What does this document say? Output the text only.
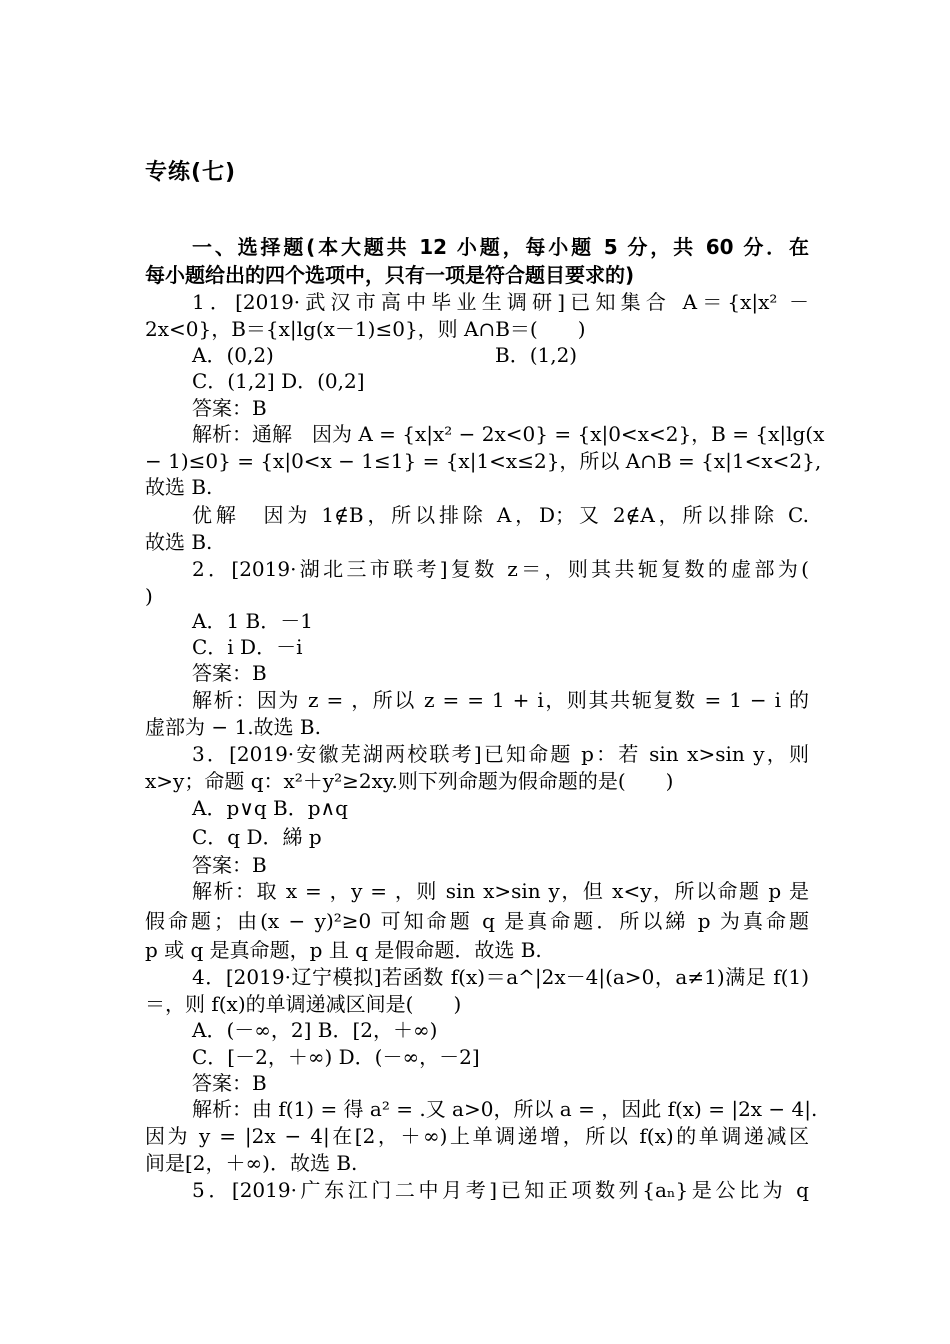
专练(七)
一、选择题(本大题共 12 小题，每小题 5 分，共 60 分．在
每小题给出的四个选项中，只有一项是符合题目要求的)
1．[2019·武汉市高中毕业生调研]已知集合 A＝{x|x² －
2x<0}，B＝{x|lg(x－1)≤0}，则 A∩B＝(　　)
A．(0,2)	B．(1,2)
C．(1,2] D．(0,2]
答案：B
解析：通解　因为 A = {x|x² − 2x<0} = {x|0<x<2}，B = {x|lg(x
− 1)≤0} = {x|0<x − 1≤1} = {x|1<x≤2}，所以 A∩B = {x|1<x<2},
故选 B.
优解　因为 1∉B，所以排除 A，D；又 2∉A，所以排除 C.
故选 B.
2．[2019·湖北三市联考]复数 z＝，则其共轭复数的虚部为(
)
A．1 B．－1
C．i D．－i
答案：B
解析：因为 z = ，所以 z = = 1 + i，则其共轭复数 = 1 − i 的
虚部为 − 1.故选 B.
3．[2019·安徽芜湖两校联考]已知命题 p：若 sin x>sin y，则
x>y；命题 q：x²＋y²≥2xy.则下列命题为假命题的是(　　)
A．p∨q B．p∧q
C．q D．綈 p
答案：B
解析：取 x = ，y = ，则 sin x>sin y，但 x<y，所以命题 p 是
假命题；由(x − y)²≥0 可知命题 q 是真命题．所以綈 p 为真命题
p 或 q 是真命题，p 且 q 是假命题．故选 B.
4．[2019·辽宁模拟]若函数 f(x)＝a^|2x－4|(a>0，a≠1)满足 f(1)
＝，则 f(x)的单调递减区间是(　　)
A．(－∞，2] B．[2，＋∞)
C．[－2，＋∞) D．(－∞，－2]
答案：B
解析：由 f(1) = 得 a² = .又 a>0，所以 a = ，因此 f(x) = |2x − 4|.
因为 y = |2x − 4|在[2，＋∞)上单调递增，所以 f(x)的单调递减区
间是[2，＋∞)．故选 B.
5．[2019·广东江门二中月考]已知正项数列{aₙ}是公比为 q
